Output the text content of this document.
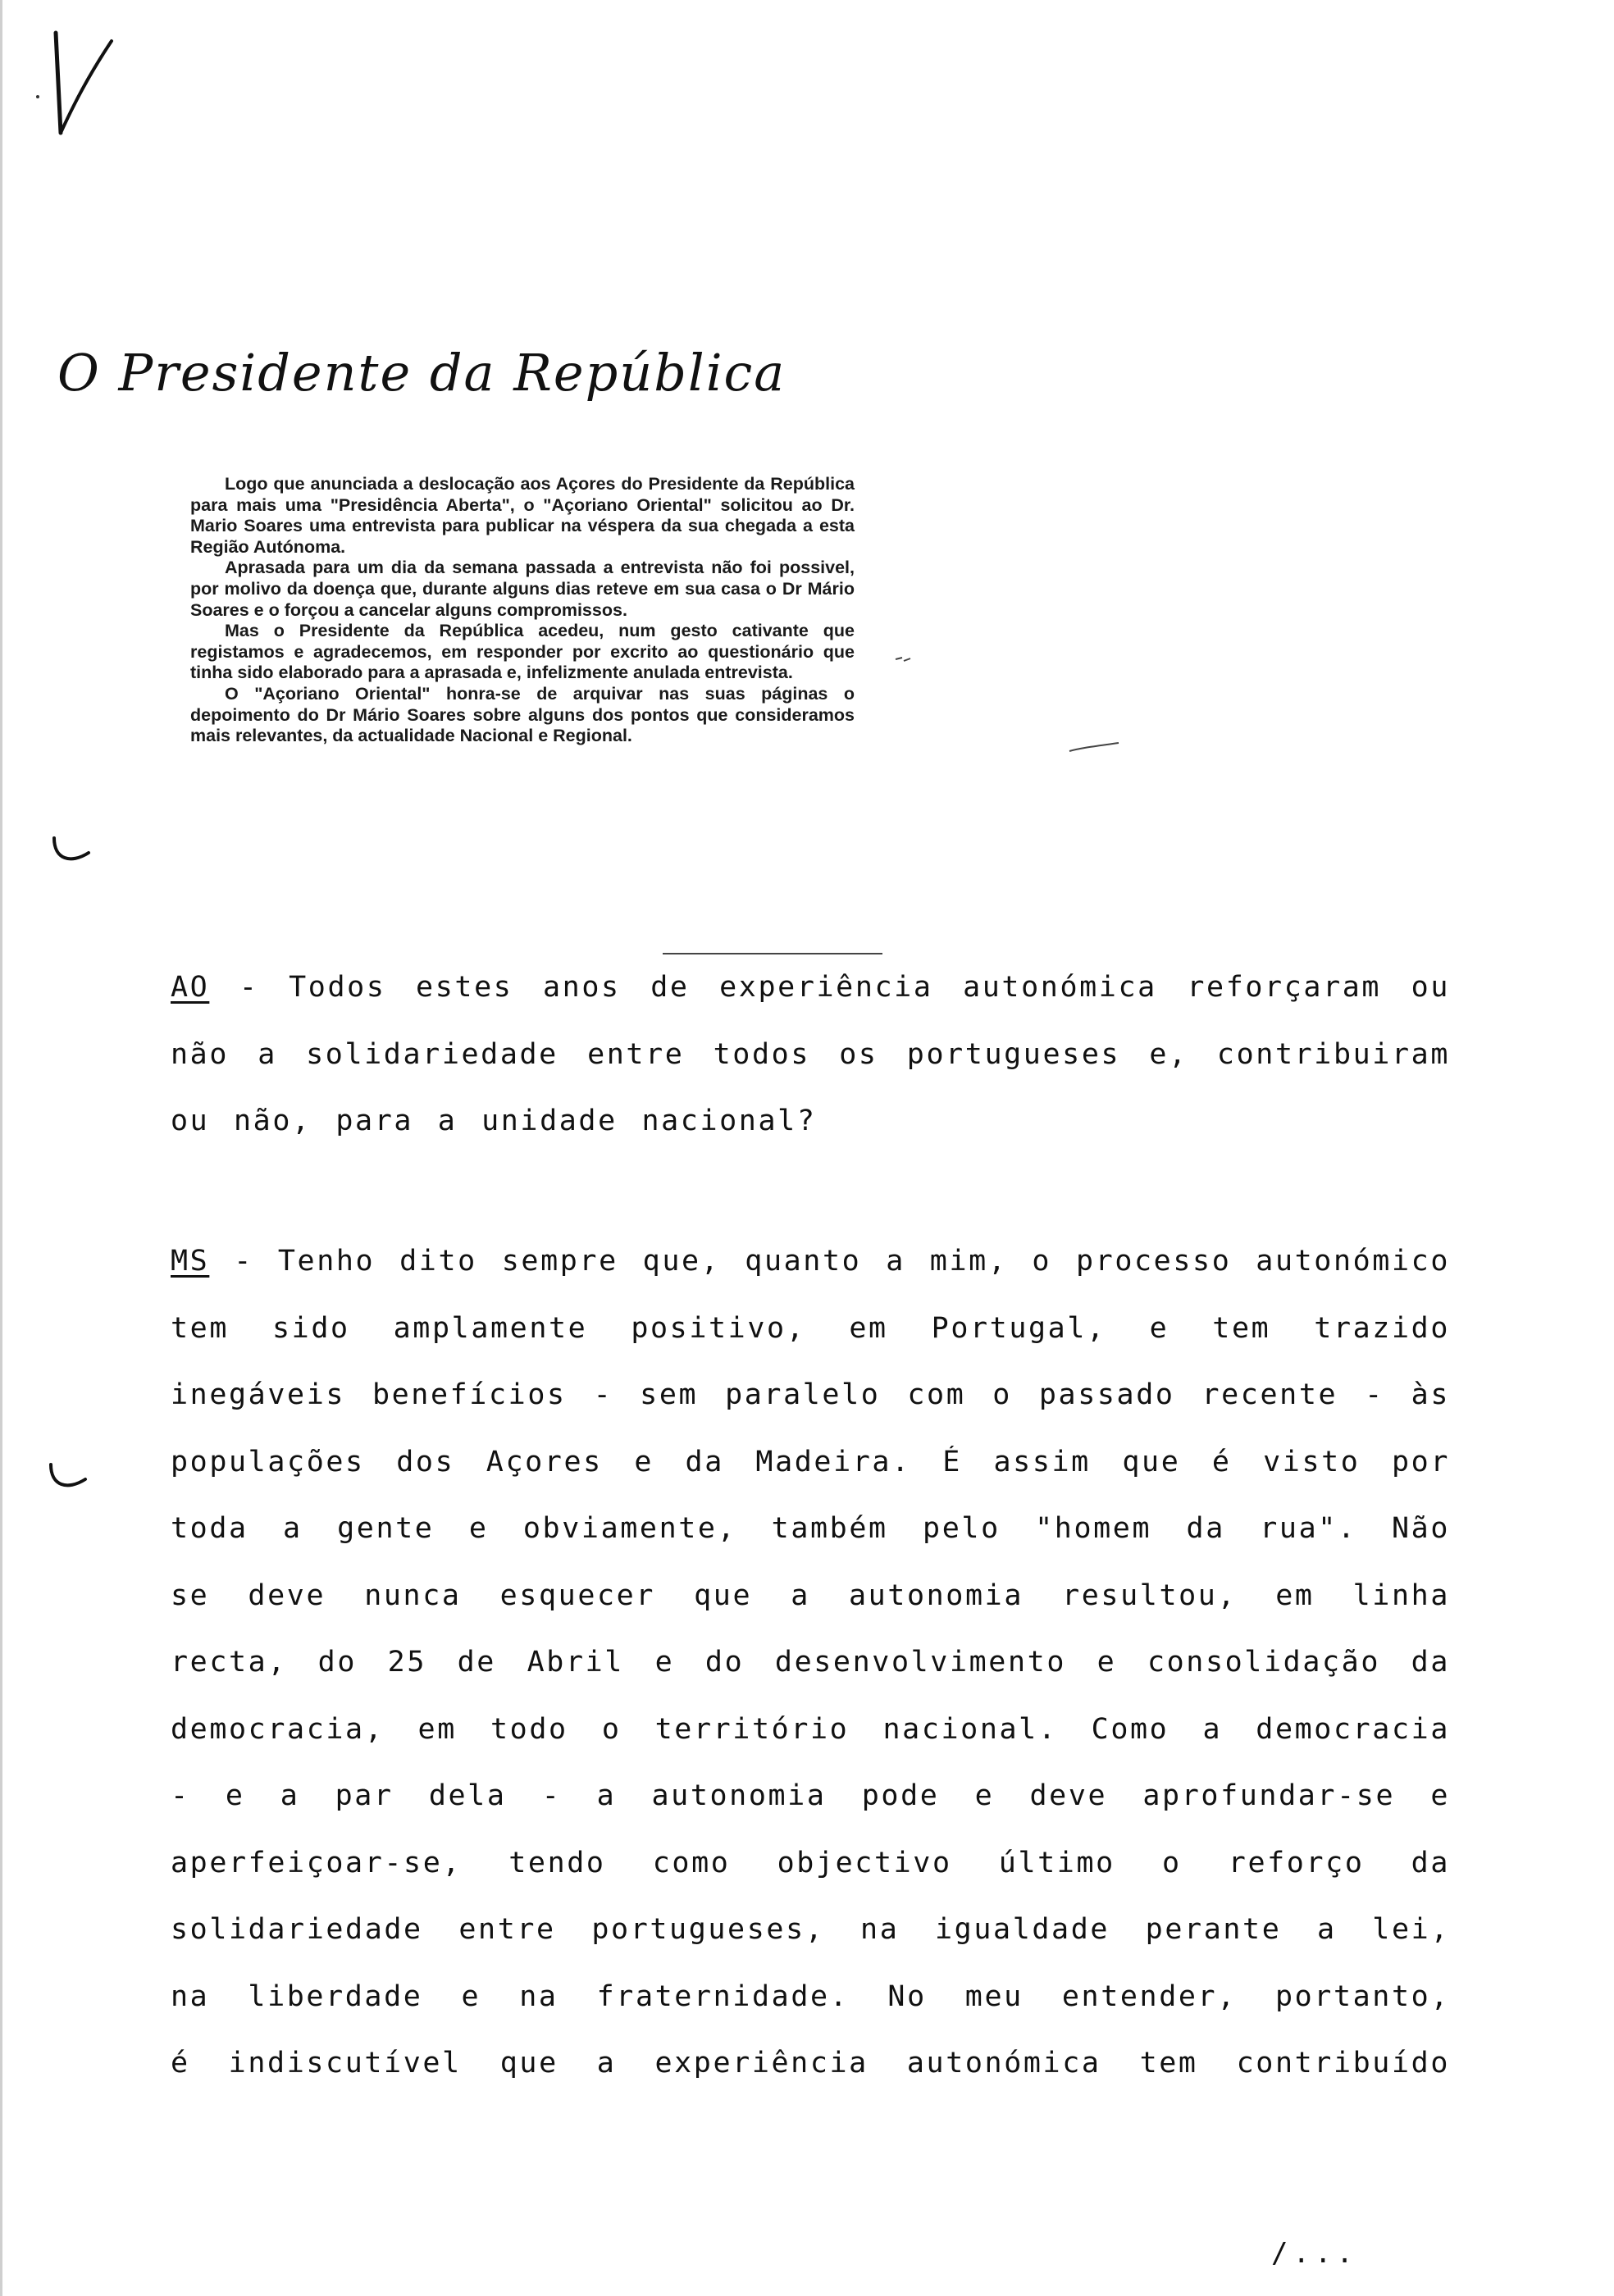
O Presidente da República

Logo que anunciada a deslocação aos Açores do Presidente da República para mais uma "Presidência Aberta", o "Açoriano Oriental" solicitou ao Dr. Mario Soares uma entrevista para publicar na véspera da sua chegada a esta Região Autónoma.

Aprasada para um dia da semana passada a entrevista não foi possivel, por molivo da doença que, durante alguns dias reteve em sua casa o Dr Mário Soares e o forçou a cancelar alguns compromissos.

Mas o Presidente da República acedeu, num gesto cativante que registamos e agradecemos, em responder por excrito ao questionário que tinha sido elaborado para a aprasada e, infelizmente anulada entrevista.

O "Açoriano Oriental" honra-se de arquivar nas suas páginas o depoimento do Dr Mário Soares sobre alguns dos pontos que consideramos mais relevantes, da actualidade Nacional e Regional.

AO - Todos estes anos de experiência autonómica reforçaram ou
não a solidariedade entre todos os portugueses e, contribuiram
ou não, para a unidade nacional?
MS - Tenho dito sempre que, quanto a mim, o processo autonómico
tem sido amplamente positivo, em Portugal, e tem trazido
inegáveis benefícios - sem paralelo com o passado recente - às
populações dos Açores e da Madeira. É assim que é visto por
toda a gente e obviamente, também pelo "homem da rua". Não
se deve nunca esquecer que a autonomia resultou, em linha
recta, do 25 de Abril e do desenvolvimento e consolidação da
democracia, em todo o território nacional. Como a democracia
- e a par dela - a autonomia pode e deve aprofundar-se e
aperfeiçoar-se, tendo como objectivo último o reforço da
solidariedade entre portugueses, na igualdade perante a lei,
na liberdade e na fraternidade. No meu entender, portanto,
é indiscutível que a experiência autonómica tem contribuído
/...
